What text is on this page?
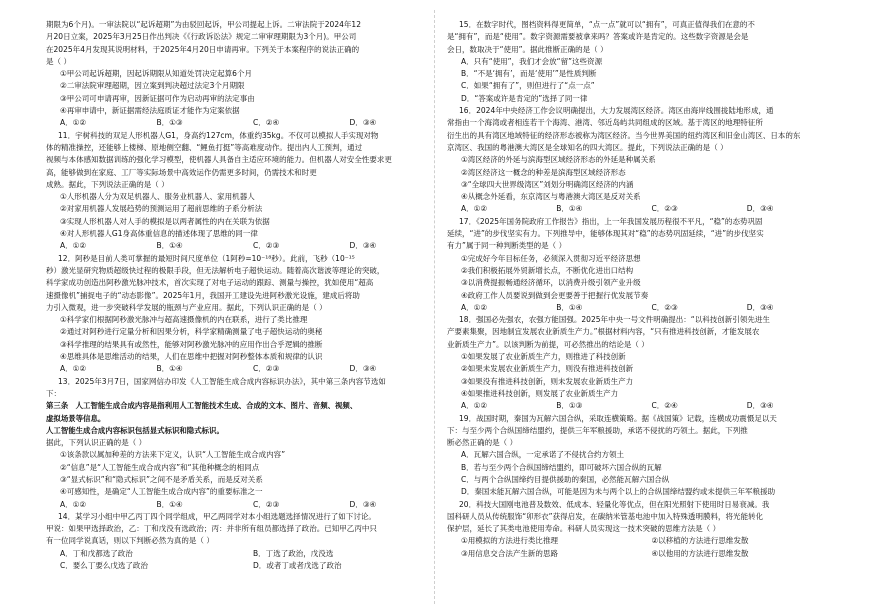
期限为6个月)。一审法院以“起诉超期”为由驳回起诉，甲公司提起上诉。二审法院于2024年12

月20日立案，2025年3月25日作出判决《《行政诉讼法》规定二审审理期限为3个月)。甲公司

在2025年4月发现其说明材料，于2025年4月20日申请再审。下列关于本案程序的说法正确的

是（ ）

①甲公司起诉超期，因起诉期限从知道处罚决定起算6个月

②二审法院审理超期，因立案到判决超过法定3个月期限

③甲公司可申请再审，因新证据可作为启动再审的法定事由

④再审申请中，新证据需经法庭质证才能作为定案依据

A．①②	B．①③	C．②④	D．③④

11．宇树科技的双足人形机器人G1，身高约127cm，体重约35kg。不仅可以模拟人手实现对物

体的精准操控，还能够上楼梯、原地侧空翻、“鲤鱼打挺”等高难度动作。提出内人工预判，通过

视频与本体感知数据训练的强化学习模型，使机器人具备自主适应环境的能力。但机器人对安全性要求更

高，能够做到在家庭、工厂等实际场景中高效运作仍需更多时间，仍需技术和时更

成熟。据此，下列说法正确的是（ ）

①人形机器人分为双足机器人、服务业机器人、家用机器人

②对家用机器人发展趋势的预测运用了超前思维的子系分析法

③实现人形机器人对人手的模拟是以两者属性的内在关联为依据

④对人形机器人G1身高体重信息的描述体现了思维的同一律

A．①②	B．①④	C．②③	D．③④

12．阿秒是目前人类可掌握的最短时间尺度单位（1阿秒=10⁻¹⁸秒）。此前，飞秒（10⁻¹⁵

秒）激光显研究物质超级快过程的极限手段，但无法解析电子超快运动。随着高次谐波等理论的突破，

科学家成功创造出阿秒激光脉冲技术，首次实现了对电子运动的跟踪、测量与操控，犹如使用“超高

速摄像机”捕捉电子的“动态影像”。2025年1月，我国开工建设先进阿秒激光设施，建成后将助

力引入微观，进一步突破科学发展的瓶颈与产业应用。据此，下列认识正确的是（ ）

①科学家们根据阿秒激光脉冲与超高速摄像机的内在联系，进行了类比推理

②通过对阿秒进行定量分析和因果分析，科学家精确测量了电子超快运动的奥秘

③科学推理的结果具有或然性，能够对阿秒激光脉冲的应用作出合乎逻辑的推断

④思维具体是思维活动的结果，人们在思维中把握对阿秒整体本质和规律的认识

A．①②	B．①④	C．②③	D．③④

13．2025年3月7日，国家网信办印发《人工智能生成合成内容标识办法》，其中第三条内容节选如

下：

第三条　人工智能生成合成内容是指利用人工智能技术生成、合成的文本、图片、音频、视频、

虚拟场景等信息。

人工智能生成合成内容标识包括显式标识和隐式标识。

据此，下列认识正确的是（ ）

①该条款以属加种差的方法来下定义，认识“人工智能生成合成内容”

②“信息”是“人工智能生成合成内容”和“其他种概念的相同点

③“显式标识”和“隐式标识”之间不是矛盾关系，而是反对关系

④可感知性，是确定“人工智能生成合成内容”的重要标准之一

A．①②	B．①④	C．②③	D．③④

14．某学习小组中甲乙丙丁四个同学组成，甲乙两同学对本小组选题选择情况进行了如下讨论。

甲说：如果甲选择政治，乙：丁和戊没有选政治；丙：并非所有组员都选择了政治。已知甲乙丙中只

有一位同学说真话，则以下判断必然为真的是（ ）

A．丁和戊都选了政治	B．丁选了政治，戊没选
C．要么丁要么戊选了政治	D．或者丁或者戊选了政治

15．在数字时代，图档资料得更简单，“点一点”就可以“拥有”，可真正值得我们在意的不

是“拥有”，而是“使用”。数字资源需要被拿来吗？答案或许是肯定的。这些数字资源是会是

会日，数取决于“使用”。据此推断正确的是（ ）

A．只有“使用”，我们才会放“留”这些资源

B．“不是‘拥有’，而是‘使用’”是性质判断

C．如果“拥有了”，则但进行了“点一点”

D．“答案或许是肯定的”选择了同一律

16．2024年中央经济工作会议明确提出，大力发展湾区经济。湾区由海岸线围拢陆地形成，通

常指由一个海湾或者相连若干个海湾、港湾、邻近岛屿共同组成的区域。基于湾区的地理特征所

衍生出的具有湾区地域特征的经济形态被称为湾区经济。当今世界美国的纽约湾区和旧金山湾区、日本的东

京湾区、我国的粤港澳大湾区是全球知名的四大湾区。提此，下列说法正确的是（ ）

①湾区经济的外延与滨海型区域经济形态的外延是种属关系

②湾区经济这一概念的种差是滨海型区域经济形态

③“全球四大世界级湾区”刘划分明确湾区经济的内涵

④从概念外延看，东京湾区与粤港澳大湾区是反对关系

A．①②	B．①④	C．②③	D．③④

17．《2025年国务院政府工作报告》指出，上一年我国发展历程很不平凡，“稳”的态势巩固

延续，“进”的步伐坚实有力。下列推导中，能够体现其对“稳”的态势巩固延续，“进”的步伐坚实

有力”属于同一种判断类型的是（ ）

①完成好今年目标任务，必须深入贯彻习近平经济思想

②我们积极拓展外贸新增长点，不断优化进出口结构

③以消费提振畅通经济循环，以消费升级引领产业升级

④政府工作人员要说到做到会更要善于把握行优发展节奏

A．①②	B．①④	C．②③	D．③④

18．强国必先强农，农强方能国强。2025年中央一号文件明确提出：“以科技创新引领先进生

产要素集聚，因地制宜发展农业新质生产力。”根据材料内容，“只有推进科技创新，才能发展农

业新质生产力”。以该判断为前提，可必然推出的结论是（ ）

①如果发展了农业新质生产力，则推进了科技创新

②如果未发展农业新质生产力，则没有推进科技创新

③如果没有推进科技创新，则未发展农业新质生产力

④如果推进科技创新，则发展了农业新质生产力

A．①②	B．①③	C．②④	D．③④

19．战国时期，秦国为瓦解六国合纵，采取连横策略。据《战国策》记载，连横成功震慑足以天

下：与至少两个合纵国缔结盟约，提供三年军粮援助，承诺不侵扰的巧领土。据此，下列推

断必然正确的是（ ）

A．瓦解六国合纵，一定承诺了不侵扰合约方领土

B．若与至少两个合纵国缔结盟约，即可破坏六国合纵的瓦解

C．与两个合纵国缔约目提供援助的秦国，必然能瓦解六国合纵

D．秦国未能瓦解六国合纵，可能是因为未与两个以上的合纵国缔结盟约或未提供三年军粮援助

20．科技大国刚电池普及数效、低成本、轻量化等优点，但在阳光照射下使用时日易衰减。我

国科研人员从传统服饰“卯形衣”获得启发，在碳纳米管基电池中加入特殊透明膜料，将光能转化

保护层，延长了其类电池使用寿命。科研人员实现这一技术突破的思维方法是（ ）

①用模拟的方法进行类比推理	②以移植的方法进行思维发散
③用信息交合法产生新的思路	④以他用的方法进行思维发散
